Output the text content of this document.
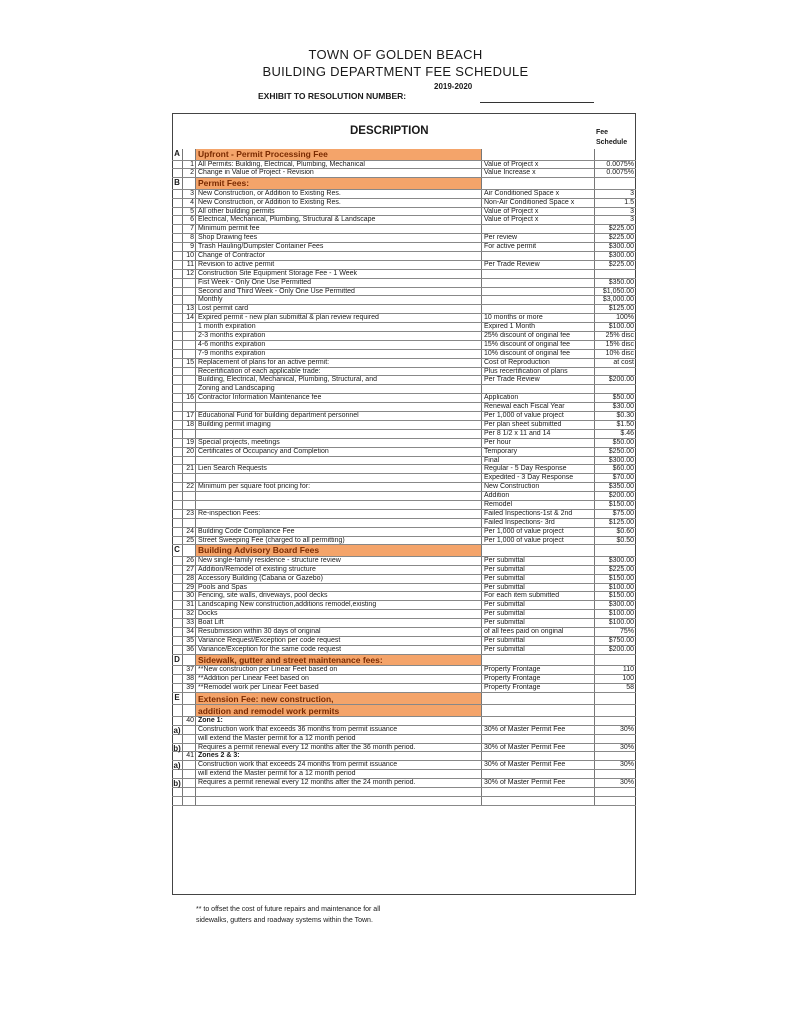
TOWN OF GOLDEN BEACH
BUILDING DEPARTMENT FEE SCHEDULE
2019-2020
EXHIBIT TO RESOLUTION NUMBER:
DESCRIPTION	Fee
Schedule
A	Upfront - Permit Processing Fee
1 All Permits: Building, Electrical, Plumbing, Mechanical	Value of Project x	0.0075%
2 Change in Value of Project - Revision	Value Increase x	0.0075%
B	Permit Fees:
3 New Construction, or Addition to Existing Res.	Air Conditioned Space x	3
4 New Construction, or Addition to Existing Res.	Non-Air Conditioned Space x	1.5
5 All other building permits	Value of Project x	3
6 Electrical, Mechanical, Plumbing, Structural & Landscape	Value of Project x	3
7 Minimum permit fee	$225.00
8 Shop Drawing fees	Per review	$225.00
9 Trash Hauling/Dumpster Container Fees	For active permit	$300.00
10 Change of Contractor	$300.00
11 Revision to active permit	Per Trade Review	$225.00
12 Construction Site Equipment Storage Fee - 1 Week
Fist Week - Only One Use Permitted	$350.00
Second and Third Week - Only One Use Permitted	$1,050.00
Monthly	$3,000.00
13 Lost permit card	$125.00
14 Expired permit - new plan submittal & plan review required	10 months or more	100%
1 month expiration	Expired 1 Month	$100.00
2-3 months expiration	25% discount of original fee	25% disc
4-6 months expiration	15% discount of original fee	15% disc
7-9 months expiration	10% discount of original fee	10% disc
15 Replacement of plans for an active permit:	Cost of Reproduction	at cost
Recertification of each applicable trade:	Plus recertification of plans
Building, Electrical, Mechanical, Plumbing, Structural, and	Per Trade Review	$200.00
Zoning and Landscaping
16 Contractor Information Maintenance fee	Application	$50.00
Renewal each Fiscal Year	$30.00
17 Educational Fund for building department personnel	Per 1,000 of value project	$0.30
18 Building permit imaging	Per plan sheet submitted	$1.50
Per 8 1/2 x 11 and 14	$.46
19 Special projects, meetings	Per hour	$50.00
20 Certificates of Occupancy and Completion	Temporary	$250.00
Final	$300.00
21 Lien Search Requests	Regular - 5 Day Response	$60.00
Expedited - 3 Day Response	$70.00
22 Minimum per square foot pricing for:	New Construction	$350.00
Addition	$200.00
Remodel	$150.00
23 Re-inspection Fees:	Failed Inspections-1st & 2nd	$75.00
Failed Inspections- 3rd	$125.00
24 Building Code Compliance Fee	Per 1,000 of value project	$0.60
25 Street Sweeping Fee (charged to all permitting)	Per 1,000 of value project	$0.50
C	Building Advisory Board Fees
26 New single-family residence - structure review	Per submittal	$300.00
27 Addition/Remodel of existing structure	Per submittal	$225.00
28 Accessory Building (Cabana or Gazebo)	Per submittal	$150.00
29 Pools and Spas	Per submittal	$100.00
30 Fencing, site walls, driveways, pool decks	For each item submitted	$150.00
31 Landscaping New construction,additions remodel,existing	Per submittal	$300.00
32 Docks	Per submittal	$100.00
33 Boat Lift	Per submittal	$100.00
34 Resubmission within 30 days of original	of all fees paid on original	75%
35 Variance Request/Exception per code request	Per submittal	$750.00
36 Variance/Exception for the same code request	Per submittal	$200.00
D	Sidewalk, gutter and street maintenance fees:
37 **New construction per Linear Feet based on	Property Frontage	110
38 **Addition per Linear Feet based on	Property Frontage	100
39 **Remodel work per Linear Feet based	Property Frontage	58
E	Extension Fee: new construction,
addition and remodel work permits
40 Zone 1:
a)	Construction work that exceeds 36 months from permit issuance	30% of Master Permit Fee	30%
will extend the Master permit for a 12 month period
b)	Requires a permit renewal every 12 months after the 36 month period.	30% of Master Permit Fee	30%
41 Zones 2 & 3:
a)	Construction work that exceeds 24 months from permit issuance	30% of Master Permit Fee	30%
will extend the Master permit for a 12 month period
b)	Requires a permit renewal every 12 months after the 24 month period.	30% of Master Permit Fee	30%
** to offset the cost of future repairs and maintenance for all
sidewalks, gutters and roadway systems within the Town.
